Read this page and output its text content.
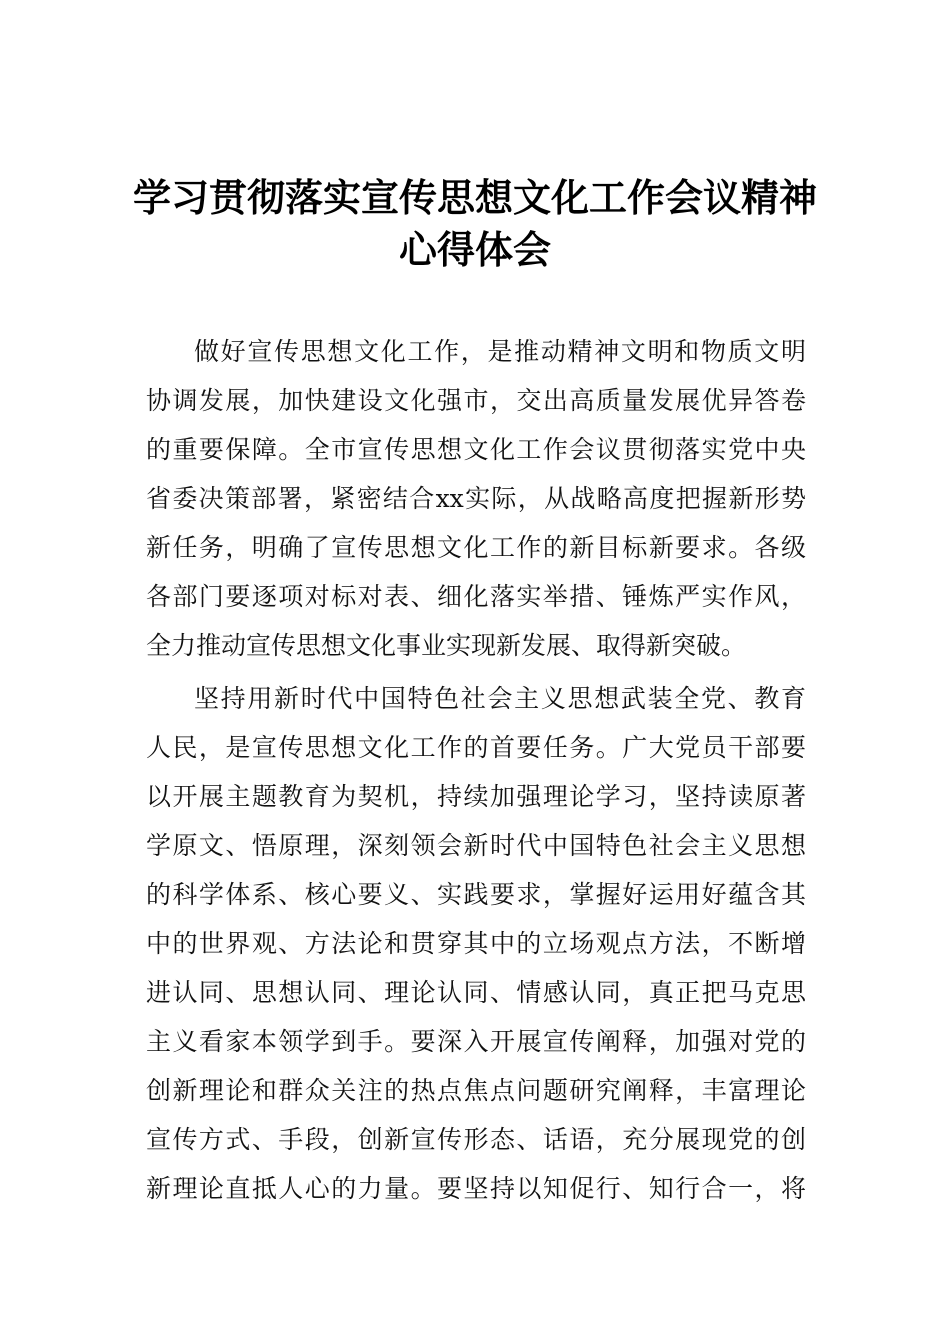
学习贯彻落实宣传思想文化工作会议精神
心得体会
做好宣传思想文化工作，是推动精神文明和物质文明
协调发展，加快建设文化强市，交出高质量发展优异答卷
的重要保障。全市宣传思想文化工作会议贯彻落实党中央
省委决策部署，紧密结合xx实际，从战略高度把握新形势
新任务，明确了宣传思想文化工作的新目标新要求。各级
各部门要逐项对标对表、细化落实举措、锤炼严实作风，
全力推动宣传思想文化事业实现新发展、取得新突破。
坚持用新时代中国特色社会主义思想武装全党、教育
人民，是宣传思想文化工作的首要任务。广大党员干部要
以开展主题教育为契机，持续加强理论学习，坚持读原著
学原文、悟原理，深刻领会新时代中国特色社会主义思想
的科学体系、核心要义、实践要求，掌握好运用好蕴含其
中的世界观、方法论和贯穿其中的立场观点方法，不断增
进认同、思想认同、理论认同、情感认同，真正把马克思
主义看家本领学到手。要深入开展宣传阐释，加强对党的
创新理论和群众关注的热点焦点问题研究阐释，丰富理论
宣传方式、手段，创新宣传形态、话语，充分展现党的创
新理论直抵人心的力量。要坚持以知促行、知行合一，将
